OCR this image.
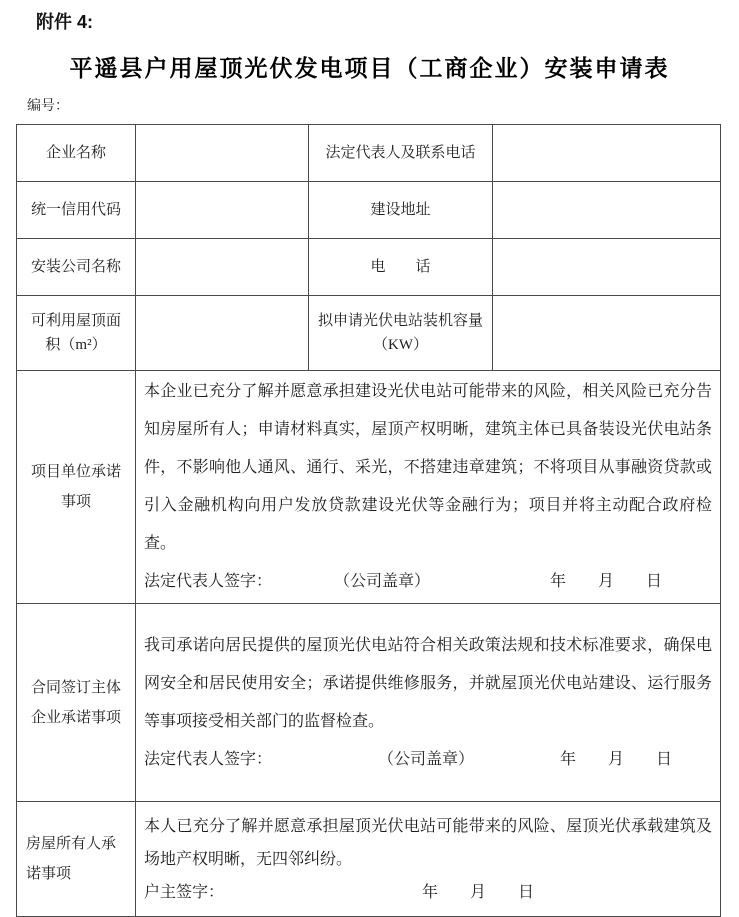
附件 4:
平遥县户用屋顶光伏发电项目（工商企业）安装申请表
编号：
企业名称		法定代表人及联系电话	
统一信用代码		建设地址	
安装公司名称		电　　话	
可利用屋顶面积（m²）		拟申请光伏电站装机容量（KW）	
项目单位承诺事项	本企业已充分了解并愿意承担建设光伏电站可能带来的风险，相关风险已充分告知房屋所有人；申请材料真实，屋顶产权明晰，建筑主体已具备装设光伏电站条件，不影响他人通风、通行、采光，不搭建违章建筑；不将项目从事融资贷款或引入金融机构向用户发放贷款建设光伏等金融行为；项目并将主动配合政府检查。
法定代表人签字： （公司盖章） 年　　月　　日		

合同签订主体企业承诺事项	我司承诺向居民提供的屋顶光伏电站符合相关政策法规和技术标准要求，确保电网安全和居民使用安全；承诺提供维修服务，并就屋顶光伏电站建设、运行服务等事项接受相关部门的监督检查。
法定代表人签字： （公司盖章） 年　　月　　日		

房屋所有人承诺事项	本人已充分了解并愿意承担屋顶光伏电站可能带来的风险、屋顶光伏承载建筑及场地产权明晰，无四邻纠纷。
户主签字： 年　　月　　日		
